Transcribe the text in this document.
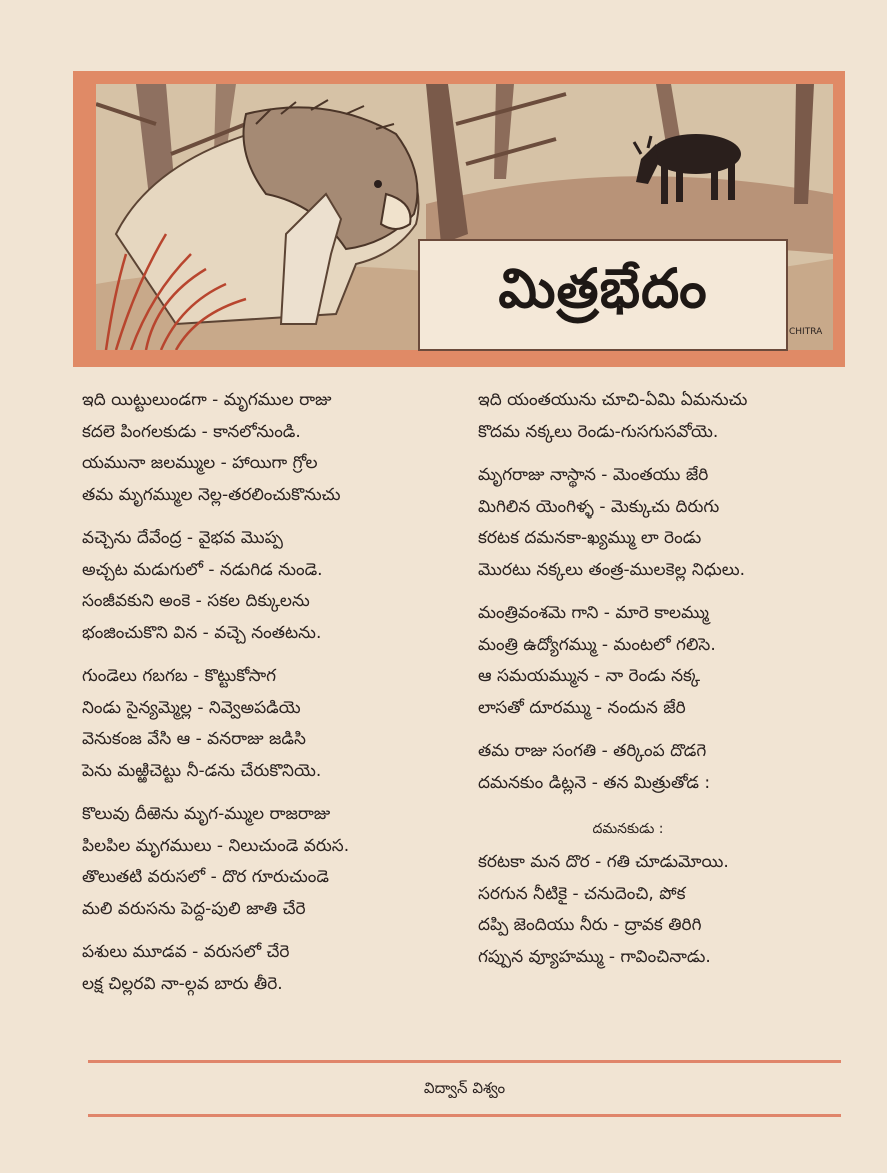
మిత్రభేదం
CHITRA
ఇది యిట్టులుండగా - మృగముల రాజు
కదలె పింగలకుడు - కానలోనుండి.
యమునా జలమ్ముల - హాయిగా గ్రోల
తమ మృగమ్ముల నెల్ల-తరలించుకొనుచు
వచ్చెను దేవేంద్ర - వైభవ మొప్ప
అచ్చట మడుగులో - నడుగిడ నుండె.
సంజీవకుని అంకె - సకల దిక్కులను
భంజించుకొని విన - వచ్చె నంతటను.
గుండెలు గబగబ - కొట్టుకోసాగ
నిండు సైన్యమ్మెల్ల - నివ్వెఅపడియె
వెనుకంజ వేసి ఆ - వనరాజు జడిసి
పెను మఱ్ఱిచెట్టు నీ-డను చేరుకొనియె.
కొలువు దీఱెను మృగ-మ్ముల రాజరాజు
పిలపిల మృగములు - నిలుచుండె వరుస.
తొలుతటి వరుసలో - దొర గూరుచుండె
మలి వరుసను పెద్ద-పులి జాతి చేరె
పశులు మూడవ - వరుసలో చేరె
లక్ష చిల్లరవి నా-ల్గవ బారు తీరె.
ఇది యంతయును చూచి-ఏమి ఏమనుచు
కొదమ నక్కలు రెండు-గుసగుసవోయె.
మృగరాజు నాస్థాన - మెంతయు జేరి
మిగిలిన యెంగిళ్ళ - మెక్కుచు దిరుగు
కరటక దమనకా-ఖ్యమ్ము లా రెండు
మొరటు నక్కలు తంత్ర-ములకెల్ల నిధులు.
మంత్రివంశమె గాని - మారె కాలమ్ము
మంత్రి ఉద్యోగమ్ము - మంటలో గలిసె.
ఆ సమయమ్మున - నా రెండు నక్క
లాసతో దూరమ్ము - నందున జేరి
తమ రాజు సంగతి - తర్కింప దొడగె
దమనకుం డిట్లనె - తన మిత్రుతోడ :
దమనకుడు :
కరటకా మన దొర - గతి చూడుమోయి.
సరగున నీటికై - చనుదెంచి, పోక
దప్పి జెందియు నీరు - ద్రావక తిరిగి
గప్పున వ్యూహమ్ము - గావించినాడు.
విద్వాన్ విశ్వం
